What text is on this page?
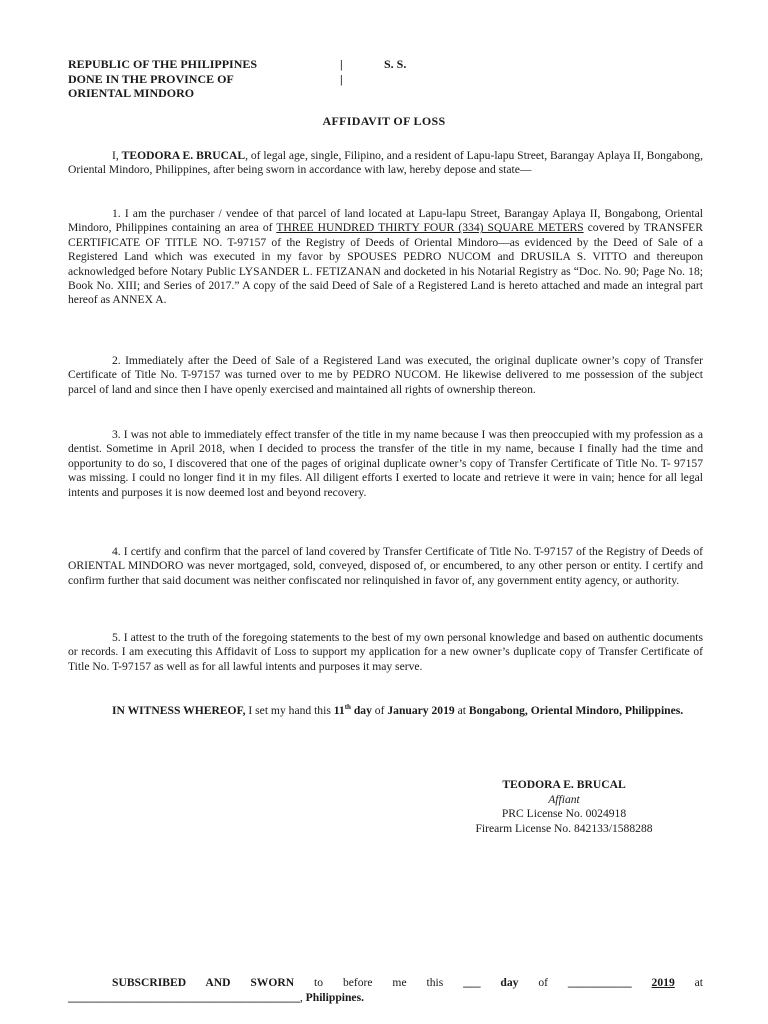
REPUBLIC OF THE PHILIPPINES
DONE IN THE PROVINCE OF
ORIENTAL MINDORO
|
|
S. S.
AFFIDAVIT OF LOSS

I, TEODORA E. BRUCAL, of legal age, single, Filipino, and a resident of Lapu-lapu Street, Barangay Aplaya II, Bongabong, Oriental Mindoro, Philippines, after being sworn in accordance with law, hereby depose and state—

1. I am the purchaser / vendee of that parcel of land located at Lapu-lapu Street, Barangay Aplaya II, Bongabong, Oriental Mindoro, Philippines containing an area of THREE HUNDRED THIRTY FOUR (334) SQUARE METERS covered by TRANSFER CERTIFICATE OF TITLE NO. T-97157 of the Registry of Deeds of Oriental Mindoro—as evidenced by the Deed of Sale of a Registered Land which was executed in my favor by SPOUSES PEDRO NUCOM and DRUSILA S. VITTO and thereupon acknowledged before Notary Public LYSANDER L. FETIZANAN and docketed in his Notarial Registry as “Doc. No. 90; Page No. 18; Book No. XIII; and Series of 2017.” A copy of the said Deed of Sale of a Registered Land is hereto attached and made an integral part hereof as ANNEX A.

2. Immediately after the Deed of Sale of a Registered Land was executed, the original duplicate owner’s copy of Transfer Certificate of Title No. T-97157 was turned over to me by PEDRO NUCOM. He likewise delivered to me possession of the subject parcel of land and since then I have openly exercised and maintained all rights of ownership thereon.

3. I was not able to immediately effect transfer of the title in my name because I was then preoccupied with my profession as a dentist. Sometime in April 2018, when I decided to process the transfer of the title in my name, because I finally had the time and opportunity to do so, I discovered that one of the pages of original duplicate owner’s copy of Transfer Certificate of Title No. T- 97157 was missing. I could no longer find it in my files. All diligent efforts I exerted to locate and retrieve it were in vain; hence for all legal intents and purposes it is now deemed lost and beyond recovery.

4. I certify and confirm that the parcel of land covered by Transfer Certificate of Title No. T-97157 of the Registry of Deeds of ORIENTAL MINDORO was never mortgaged, sold, conveyed, disposed of, or encumbered, to any other person or entity. I certify and confirm further that said document was neither confiscated nor relinquished in favor of, any government entity agency, or authority.

5. I attest to the truth of the foregoing statements to the best of my own personal knowledge and based on authentic documents or records. I am executing this Affidavit of Loss to support my application for a new owner’s duplicate copy of Transfer Certificate of Title No. T-97157 as well as for all lawful intents and purposes it may serve.

IN WITNESS WHEREOF, I set my hand this 11th day of January 2019 at Bongabong, Oriental Mindoro, Philippines.

TEODORA E. BRUCAL
Affiant
PRC License No. 0024918
Firearm License No. 842133/1588288

SUBSCRIBED AND SWORN to before me this ___ day of ___________ 2019 at ________________________________________, Philippines.
